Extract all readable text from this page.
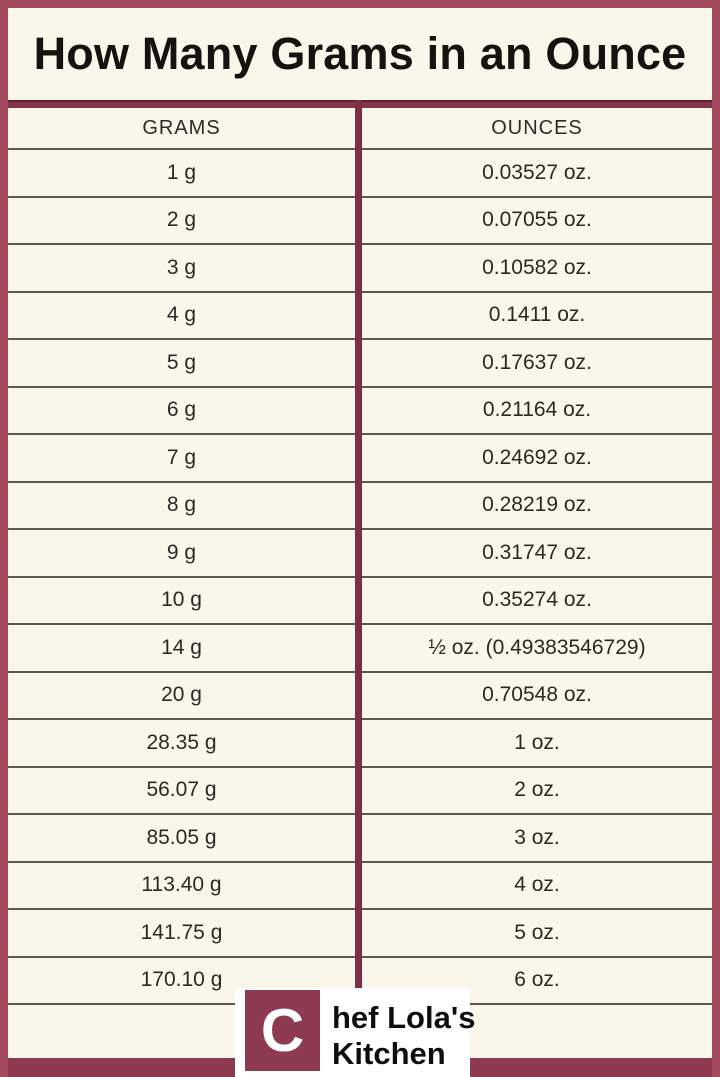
How Many Grams in an Ounce
GRAMS	OUNCES
1 g	0.03527 oz.
2 g	0.07055 oz.
3 g	0.10582 oz.
4 g	0.1411 oz.
5 g	0.17637 oz.
6 g	0.21164 oz.
7 g	0.24692 oz.
8 g	0.28219 oz.
9 g	0.31747 oz.
10 g	0.35274 oz.
14 g	½ oz. (0.49383546729)
20 g	0.70548 oz.
28.35 g	1 oz.
56.07 g	2 oz.
85.05 g	3 oz.
113.40 g	4 oz.
141.75 g	5 oz.
170.10 g	6 oz.
C hef Lola's
Kitchen
